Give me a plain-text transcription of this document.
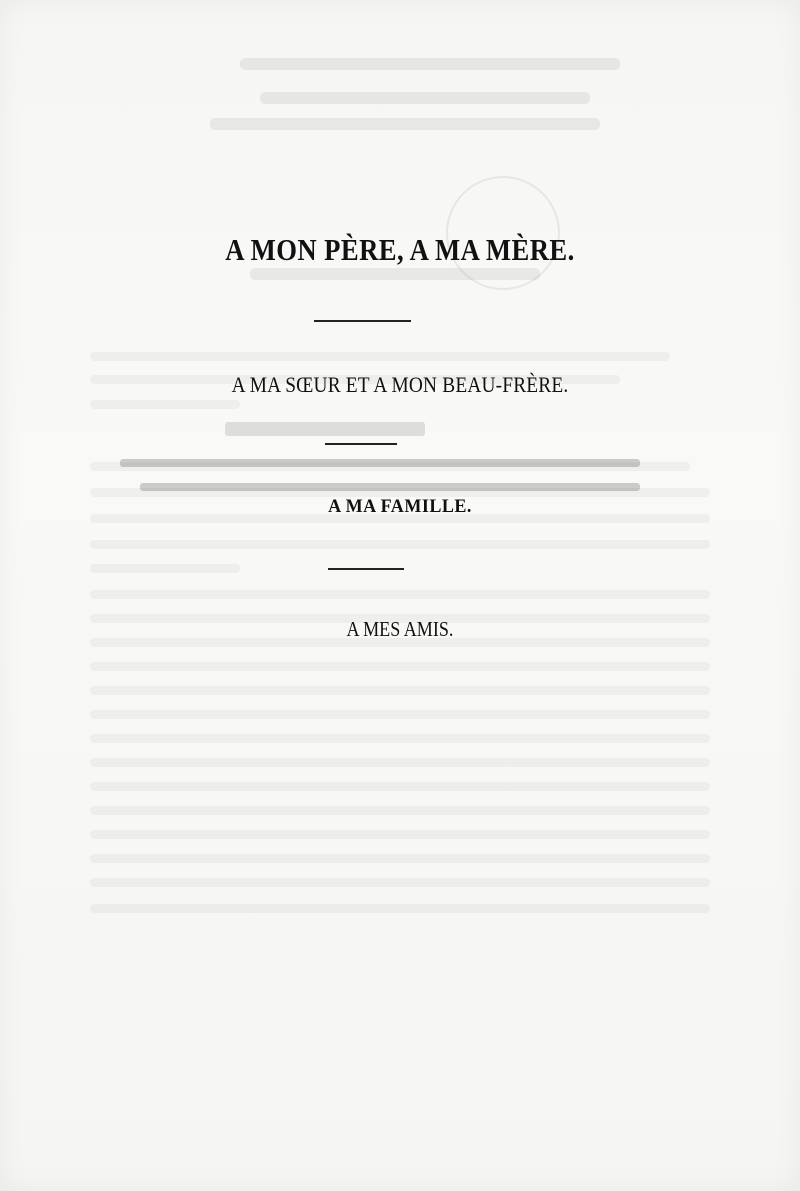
A MON PÈRE, A MA MÈRE.
A MA SŒUR ET A MON BEAU-FRÈRE.
A MA FAMILLE.
A MES AMIS.
